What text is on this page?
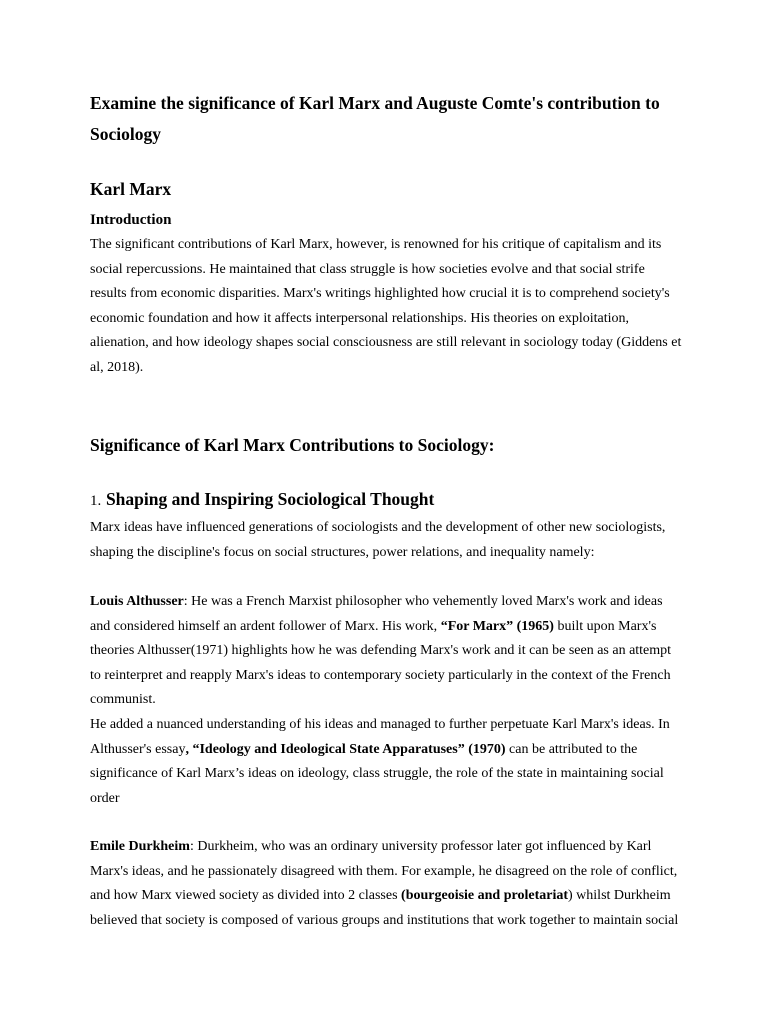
Examine the significance of Karl Marx and Auguste Comte's contribution to Sociology
Karl Marx
Introduction

The significant contributions of Karl Marx, however, is renowned for his critique of capitalism and its social repercussions. He maintained that class struggle is how societies evolve and that social strife results from economic disparities. Marx's writings highlighted how crucial it is to comprehend society's economic foundation and how it affects interpersonal relationships. His theories on exploitation, alienation, and how ideology shapes social consciousness are still relevant in sociology today (Giddens et al, 2018).

Significance of Karl Marx Contributions to Sociology:
1. Shaping and Inspiring Sociological Thought

Marx ideas have influenced generations of sociologists and the development of other new sociologists, shaping the discipline's focus on social structures, power relations, and inequality namely:

Louis Althusser: He was a French Marxist philosopher who vehemently loved Marx's work and ideas and considered himself an ardent follower of Marx. His work, “For Marx” (1965) built upon Marx's theories Althusser(1971) highlights how he was defending Marx's work and it can be seen as an attempt to reinterpret and reapply Marx's ideas to contemporary society particularly in the context of the French communist.

He added a nuanced understanding of his ideas and managed to further perpetuate Karl Marx's ideas. In Althusser's essay, “Ideology and Ideological State Apparatuses” (1970) can be attributed to the significance of Karl Marx’s ideas on ideology, class struggle, the role of the state in maintaining social order

Emile Durkheim: Durkheim, who was an ordinary university professor later got influenced by Karl Marx's ideas, and he passionately disagreed with them. For example, he disagreed on the role of conflict, and how Marx viewed society as divided into 2 classes (bourgeoisie and proletariat) whilst Durkheim believed that society is composed of various groups and institutions that work together to maintain social
